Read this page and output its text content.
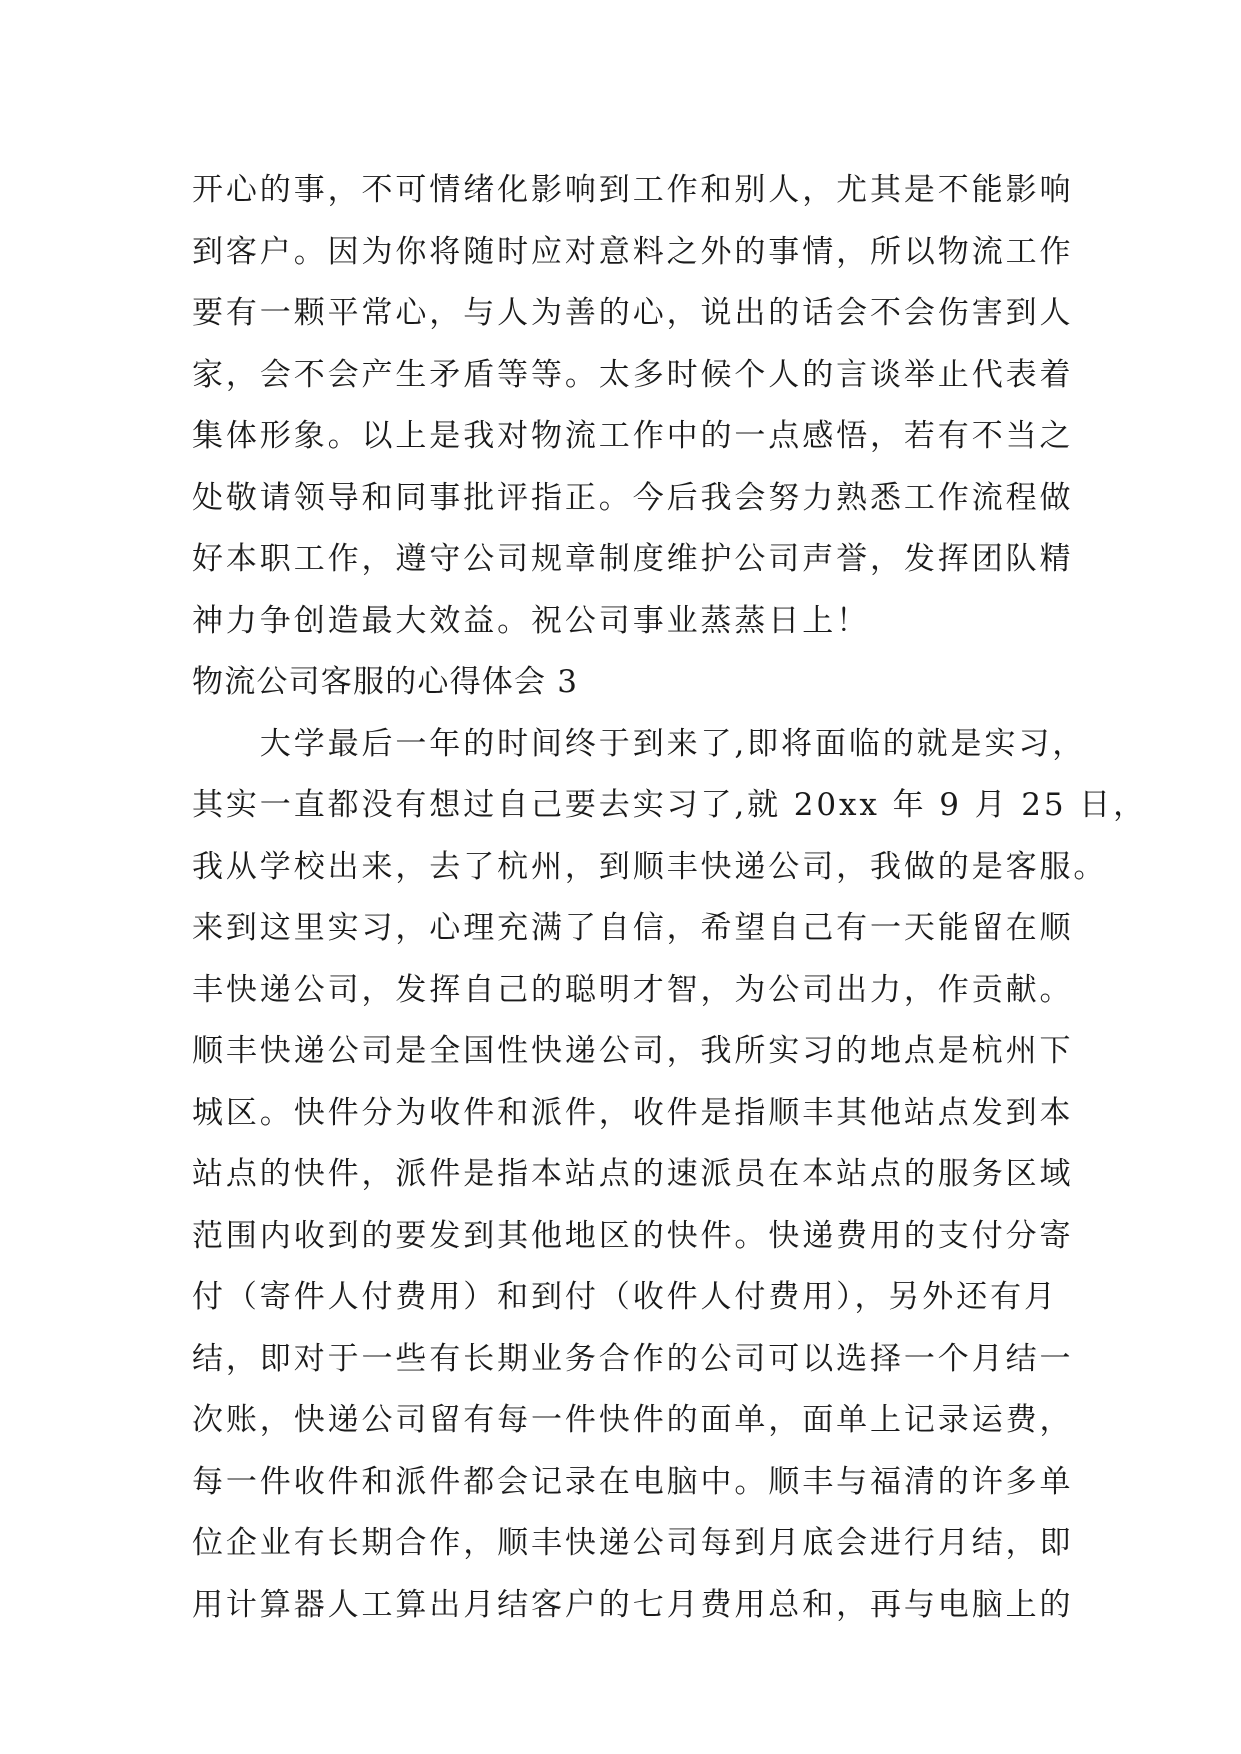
开心的事，不可情绪化影响到工作和别人，尤其是不能影响
到客户。因为你将随时应对意料之外的事情，所以物流工作
要有一颗平常心，与人为善的心，说出的话会不会伤害到人
家，会不会产生矛盾等等。太多时候个人的言谈举止代表着
集体形象。以上是我对物流工作中的一点感悟，若有不当之
处敬请领导和同事批评指正。今后我会努力熟悉工作流程做
好本职工作，遵守公司规章制度维护公司声誉，发挥团队精
神力争创造最大效益。祝公司事业蒸蒸日上！
物流公司客服的心得体会 3
　　大学最后一年的时间终于到来了,即将面临的就是实习，
其实一直都没有想过自己要去实习了,就 20xx 年 9 月 25 日，
我从学校出来，去了杭州，到顺丰快递公司，我做的是客服。
来到这里实习，心理充满了自信，希望自己有一天能留在顺
丰快递公司，发挥自己的聪明才智，为公司出力，作贡献。
顺丰快递公司是全国性快递公司，我所实习的地点是杭州下
城区。快件分为收件和派件，收件是指顺丰其他站点发到本
站点的快件，派件是指本站点的速派员在本站点的服务区域
范围内收到的要发到其他地区的快件。快递费用的支付分寄
付（寄件人付费用）和到付（收件人付费用），另外还有月
结，即对于一些有长期业务合作的公司可以选择一个月结一
次账，快递公司留有每一件快件的面单，面单上记录运费，
每一件收件和派件都会记录在电脑中。顺丰与福清的许多单
位企业有长期合作，顺丰快递公司每到月底会进行月结，即
用计算器人工算出月结客户的七月费用总和，再与电脑上的
